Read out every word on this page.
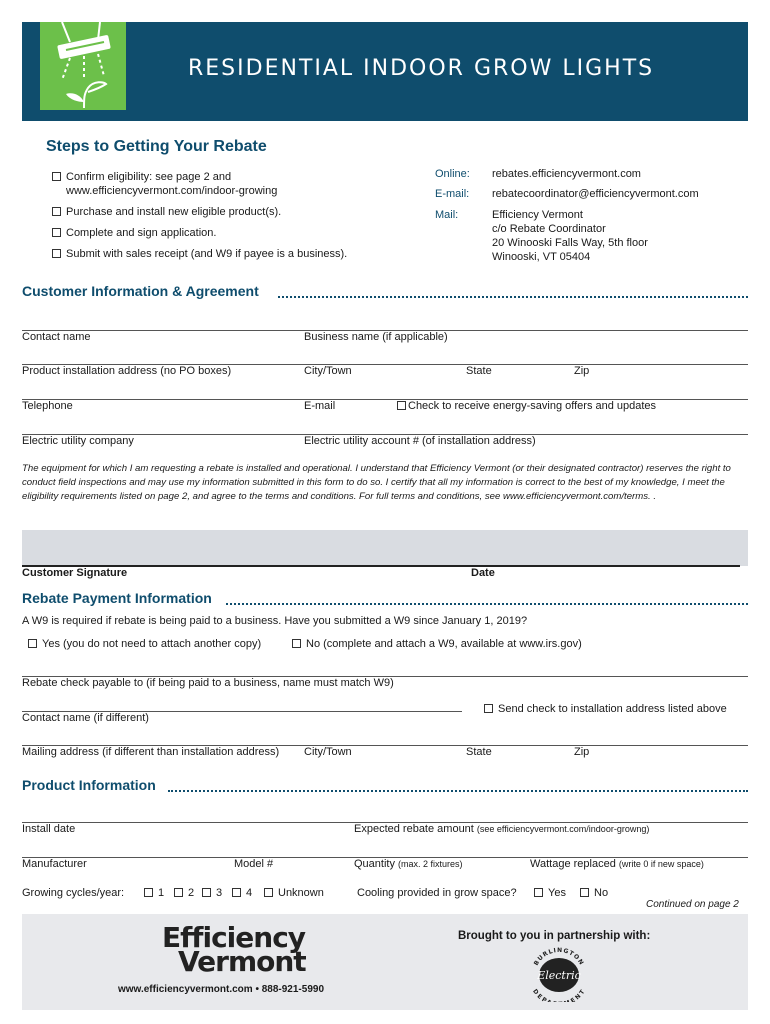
RESIDENTIAL INDOOR GROW LIGHTS
Steps to Getting Your Rebate
Confirm eligibility: see page 2 and
www.efficiencyvermont.com/indoor-growing
Purchase and install new eligible product(s).
Complete and sign application.
Submit with sales receipt (and W9 if payee is a business).
Online: rebates.efficiencyvermont.com
E-mail: rebatecoordinator@efficiencyvermont.com
Mail:	Efficiency Vermont
c/o Rebate Coordinator
20 Winooski Falls Way, 5th floor
Winooski, VT 05404
Customer Information & Agreement
Contact name	Business name (if applicable)
Product installation address (no PO boxes)	City/Town	State	Zip
Telephone	E-mail	Check to receive energy-saving offers and updates
Electric utility company	Electric utility account # (of installation address)
The equipment for which I am requesting a rebate is installed and operational. I understand that Efficiency Vermont (or their designated contractor) reserves the right to conduct field inspections and may use my information submitted in this form to do so. I certify that all my information is correct to the best of my knowledge, I meet the eligibility requirements listed on page 2, and agree to the terms and conditions. For full terms and conditions, see www.efficiencyvermont.com/terms. .
Customer Signature	Date
Rebate Payment Information
A W9 is required if rebate is being paid to a business. Have you submitted a W9 since January 1, 2019?
Yes (you do not need to attach another copy)	No (complete and attach a W9, available at www.irs.gov)
Rebate check payable to (if being paid to a business, name must match W9)
Send check to installation address listed above
Contact name (if different)
Mailing address (if different than installation address) City/Town	State	Zip
Product Information
Install date	Expected rebate amount (see efficiencyvermont.com/indoor-growng)
Manufacturer	Model #	Quantity (max. 2 fixtures)	Wattage replaced (write 0 if new space)
Growing cycles/year:	1	2	3	4	Unknown	Cooling provided in grow space?	Yes	No
Continued on page 2
Efficiency
Vermont
www.efficiencyvermont.com • 888-921-5990
Brought to you in partnership with:
BURLINGTON
Electric
DEP ENT
